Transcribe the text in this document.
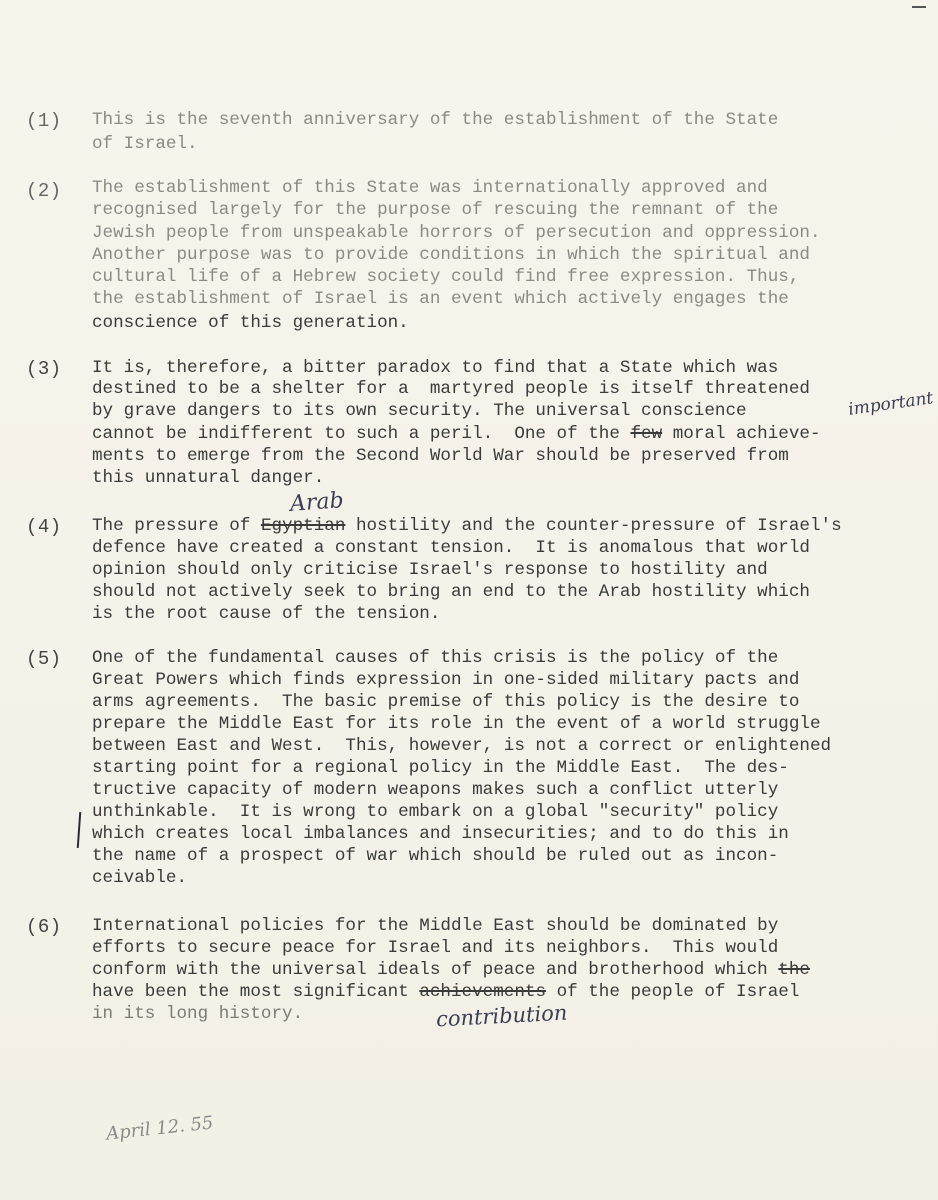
(1) This is the seventh anniversary of the establishment of the State
of Israel.
(2) The establishment of this State was internationally approved and
recognised largely for the purpose of rescuing the remnant of the
Jewish people from unspeakable horrors of persecution and oppression.
Another purpose was to provide conditions in which the spiritual and
cultural life of a Hebrew society could find free expression. Thus,
the establishment of Israel is an event which actively engages the
conscience of this generation.
(3) It is, therefore, a bitter paradox to find that a State which was
destined to be a shelter for a  martyred people is itself threatened
by grave dangers to its own security. The universal conscience
cannot be indifferent to such a peril.  One of the few moral achieve-
ments to emerge from the Second World War should be preserved from
this unnatural danger.
important
(4) The pressure of Egyptian hostility and the counter-pressure of Israel's
defence have created a constant tension.  It is anomalous that world
opinion should only criticise Israel's response to hostility and
should not actively seek to bring an end to the Arab hostility which
is the root cause of the tension.
Arab
(5) One of the fundamental causes of this crisis is the policy of the
Great Powers which finds expression in one-sided military pacts and
arms agreements.  The basic premise of this policy is the desire to
prepare the Middle East for its role in the event of a world struggle
between East and West.  This, however, is not a correct or enlightened
starting point for a regional policy in the Middle East.  The des-
tructive capacity of modern weapons makes such a conflict utterly
unthinkable.  It is wrong to embark on a global "security" policy
which creates local imbalances and insecurities; and to do this in
the name of a prospect of war which should be ruled out as incon-
ceivable.
(6) International policies for the Middle East should be dominated by
efforts to secure peace for Israel and its neighbors.  This would
conform with the universal ideals of peace and brotherhood which the
have been the most significant achievements of the people of Israel
in its long history.	contribution
April 12. 55
